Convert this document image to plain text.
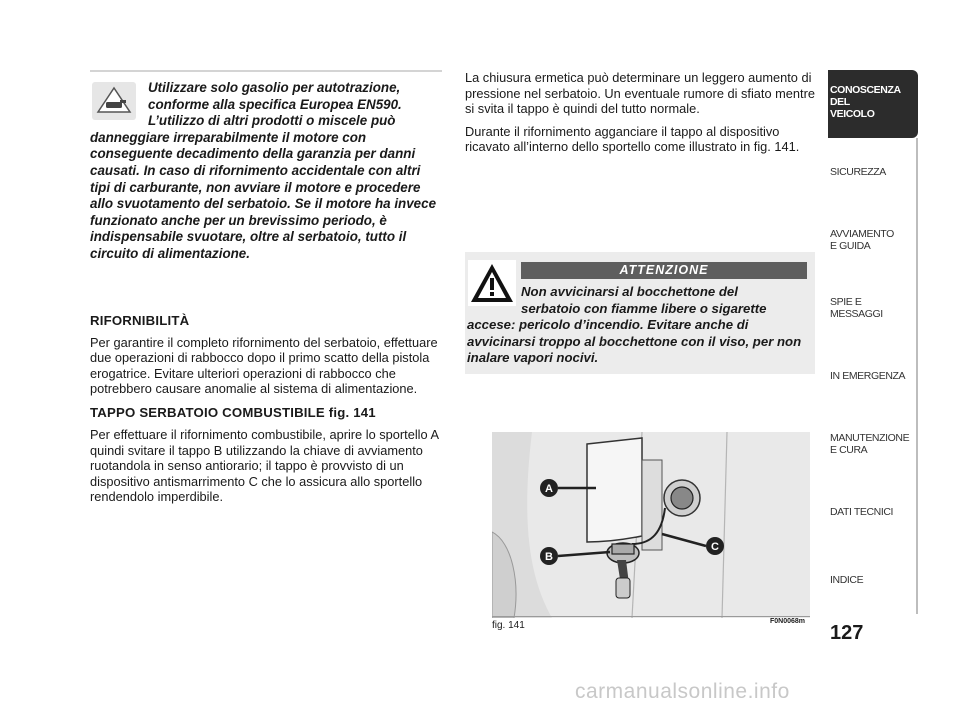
Utilizzare solo gasolio per autotrazione, conforme alla specifica Europea EN590. L’utilizzo di altri prodotti o miscele può danneggiare irreparabilmente il motore con conseguente decadimento della garanzia per danni causati. In caso di rifornimento accidentale con altri tipi di carburante, non avviare il motore e procedere allo svuotamento del serbatoio. Se il motore ha invece funzionato anche per un brevissimo periodo, è indispensabile svuotare, oltre al serbatoio, tutto il circuito di alimentazione.
RIFORNIBILITÀ
Per garantire il completo rifornimento del serbatoio, effettuare due operazioni di rabbocco dopo il primo scatto della pistola erogatrice. Evitare ulteriori operazioni di rabbocco che potrebbero causare anomalie al sistema di alimentazione.
TAPPO SERBATOIO COMBUSTIBILE fig. 141
Per effettuare il rifornimento combustibile, aprire lo sportello A quindi svitare il tappo B utilizzando la chiave di avviamento ruotandola in senso antiorario; il tappo è provvisto di un dispositivo antismarrimento C che lo assicura allo sportello rendendolo imperdibile.
La chiusura ermetica può determinare un leggero aumento di pressione nel serbatoio. Un eventuale rumore di sfiato mentre si svita il tappo è quindi del tutto normale.
Durante il rifornimento agganciare il tappo al dispositivo ricavato all’interno dello sportello come illustrato in fig. 141.
ATTENZIONE
Non avvicinarsi al bocchettone del
serbatoio con fiamme libere o sigarette
accese: pericolo d’incendio. Evitare anche di avvicinarsi troppo al bocchettone con il viso, per non inalare vapori nocivi.
A
B
C
fig. 141	F0N0068m
CONOSCENZA
DEL
VEICOLO
SICUREZZA
AVVIAMENTO
E GUIDA
SPIE E
MESSAGGI
IN EMERGENZA
MANUTENZIONE
E CURA
DATI TECNICI
INDICE
127
carmanualsonline.info
